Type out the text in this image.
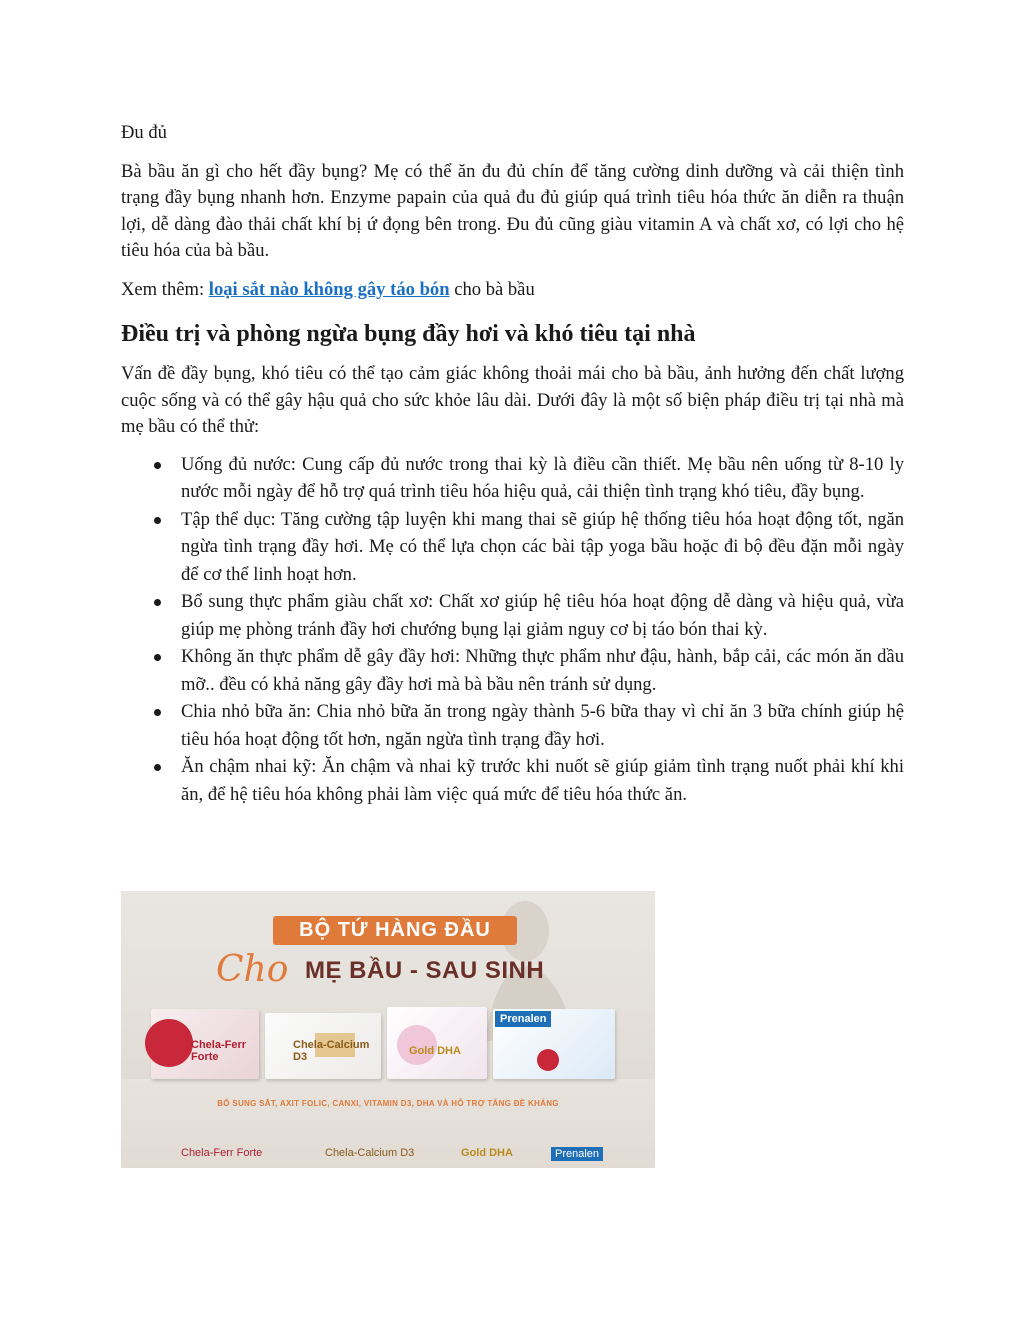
Đu đủ

Bà bầu ăn gì cho hết đầy bụng? Mẹ có thể ăn đu đủ chín để tăng cường dinh dưỡng và cải thiện tình trạng đầy bụng nhanh hơn. Enzyme papain của quả đu đủ giúp quá trình tiêu hóa thức ăn diễn ra thuận lợi, dễ dàng đào thải chất khí bị ứ đọng bên trong. Đu đủ cũng giàu vitamin A và chất xơ, có lợi cho hệ tiêu hóa của bà bầu.

Xem thêm: loại sắt nào không gây táo bón cho bà bầu

Điều trị và phòng ngừa bụng đầy hơi và khó tiêu tại nhà

Vấn đề đầy bụng, khó tiêu có thể tạo cảm giác không thoải mái cho bà bầu, ảnh hưởng đến chất lượng cuộc sống và có thể gây hậu quả cho sức khỏe lâu dài. Dưới đây là một số biện pháp điều trị tại nhà mà mẹ bầu có thể thử:

Uống đủ nước: Cung cấp đủ nước trong thai kỳ là điều cần thiết. Mẹ bầu nên uống từ 8-10 ly nước mỗi ngày để hỗ trợ quá trình tiêu hóa hiệu quả, cải thiện tình trạng khó tiêu, đầy bụng.
Tập thể dục: Tăng cường tập luyện khi mang thai sẽ giúp hệ thống tiêu hóa hoạt động tốt, ngăn ngừa tình trạng đầy hơi. Mẹ có thể lựa chọn các bài tập yoga bầu hoặc đi bộ đều đặn mỗi ngày để cơ thể linh hoạt hơn.
Bổ sung thực phẩm giàu chất xơ: Chất xơ giúp hệ tiêu hóa hoạt động dễ dàng và hiệu quả, vừa giúp mẹ phòng tránh đầy hơi chướng bụng lại giảm nguy cơ bị táo bón thai kỳ.
Không ăn thực phẩm dễ gây đầy hơi: Những thực phẩm như đậu, hành, bắp cải, các món ăn dầu mỡ.. đều có khả năng gây đầy hơi mà bà bầu nên tránh sử dụng.
Chia nhỏ bữa ăn: Chia nhỏ bữa ăn trong ngày thành 5-6 bữa thay vì chỉ ăn 3 bữa chính giúp hệ tiêu hóa hoạt động tốt hơn, ngăn ngừa tình trạng đầy hơi.
Ăn chậm nhai kỹ: Ăn chậm và nhai kỹ trước khi nuốt sẽ giúp giảm tình trạng nuốt phải khí khi ăn, để hệ tiêu hóa không phải làm việc quá mức để tiêu hóa thức ăn.
BỘ TỨ HÀNG ĐẦU
Cho MẸ BẦU - SAU SINH
Chela-Ferr Forte
Chela-Calcium D3	Gold DHA
Prenalen
BỔ SUNG SẮT, AXIT FOLIC, CANXI, VITAMIN D3, DHA VÀ HỖ TRỢ TĂNG ĐỀ KHÁNG
Chela-Ferr Forte	Chela-Calcium D3	Gold DHA	Prenalen
